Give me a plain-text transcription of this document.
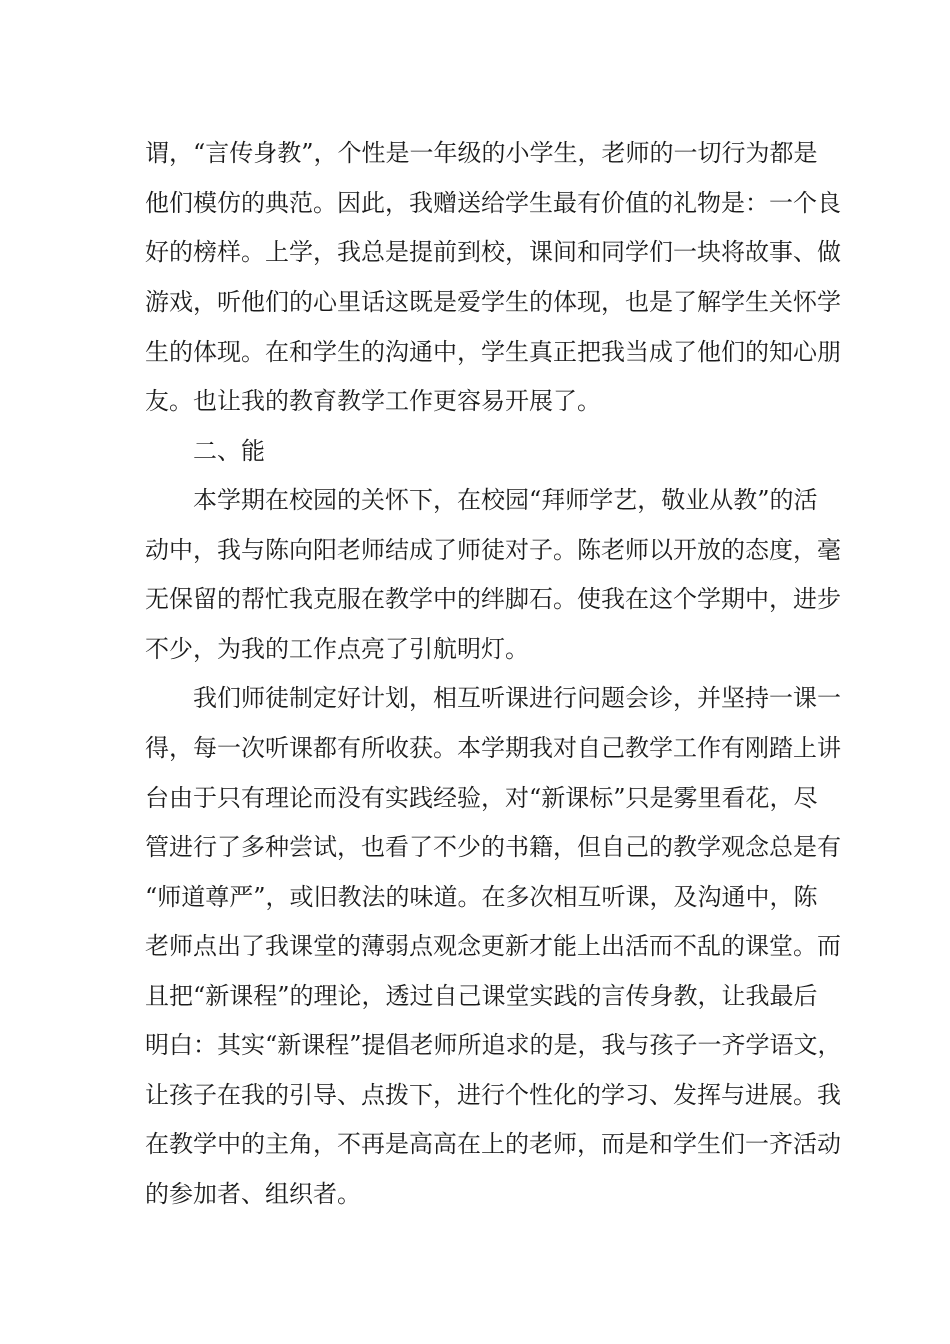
谓，“言传身教”，个性是一年级的小学生，老师的一切行为都是
他们模仿的典范。因此，我赠送给学生最有价值的礼物是：一个良
好的榜样。上学，我总是提前到校，课间和同学们一块将故事、做
游戏，听他们的心里话这既是爱学生的体现，也是了解学生关怀学
生的体现。在和学生的沟通中，学生真正把我当成了他们的知心朋
友。也让我的教育教学工作更容易开展了。
二、能
本学期在校园的关怀下，在校园“拜师学艺，敬业从教”的活
动中，我与陈向阳老师结成了师徒对子。陈老师以开放的态度，毫
无保留的帮忙我克服在教学中的绊脚石。使我在这个学期中，进步
不少，为我的工作点亮了引航明灯。
我们师徒制定好计划，相互听课进行问题会诊，并坚持一课一
得，每一次听课都有所收获。本学期我对自己教学工作有刚踏上讲
台由于只有理论而没有实践经验，对“新课标”只是雾里看花，尽
管进行了多种尝试，也看了不少的书籍，但自己的教学观念总是有
“师道尊严”，或旧教法的味道。在多次相互听课，及沟通中，陈
老师点出了我课堂的薄弱点观念更新才能上出活而不乱的课堂。而
且把“新课程”的理论，透过自己课堂实践的言传身教，让我最后
明白：其实“新课程”提倡老师所追求的是，我与孩子一齐学语文，
让孩子在我的引导、点拨下，进行个性化的学习、发挥与进展。我
在教学中的主角，不再是高高在上的老师，而是和学生们一齐活动
的参加者、组织者。
